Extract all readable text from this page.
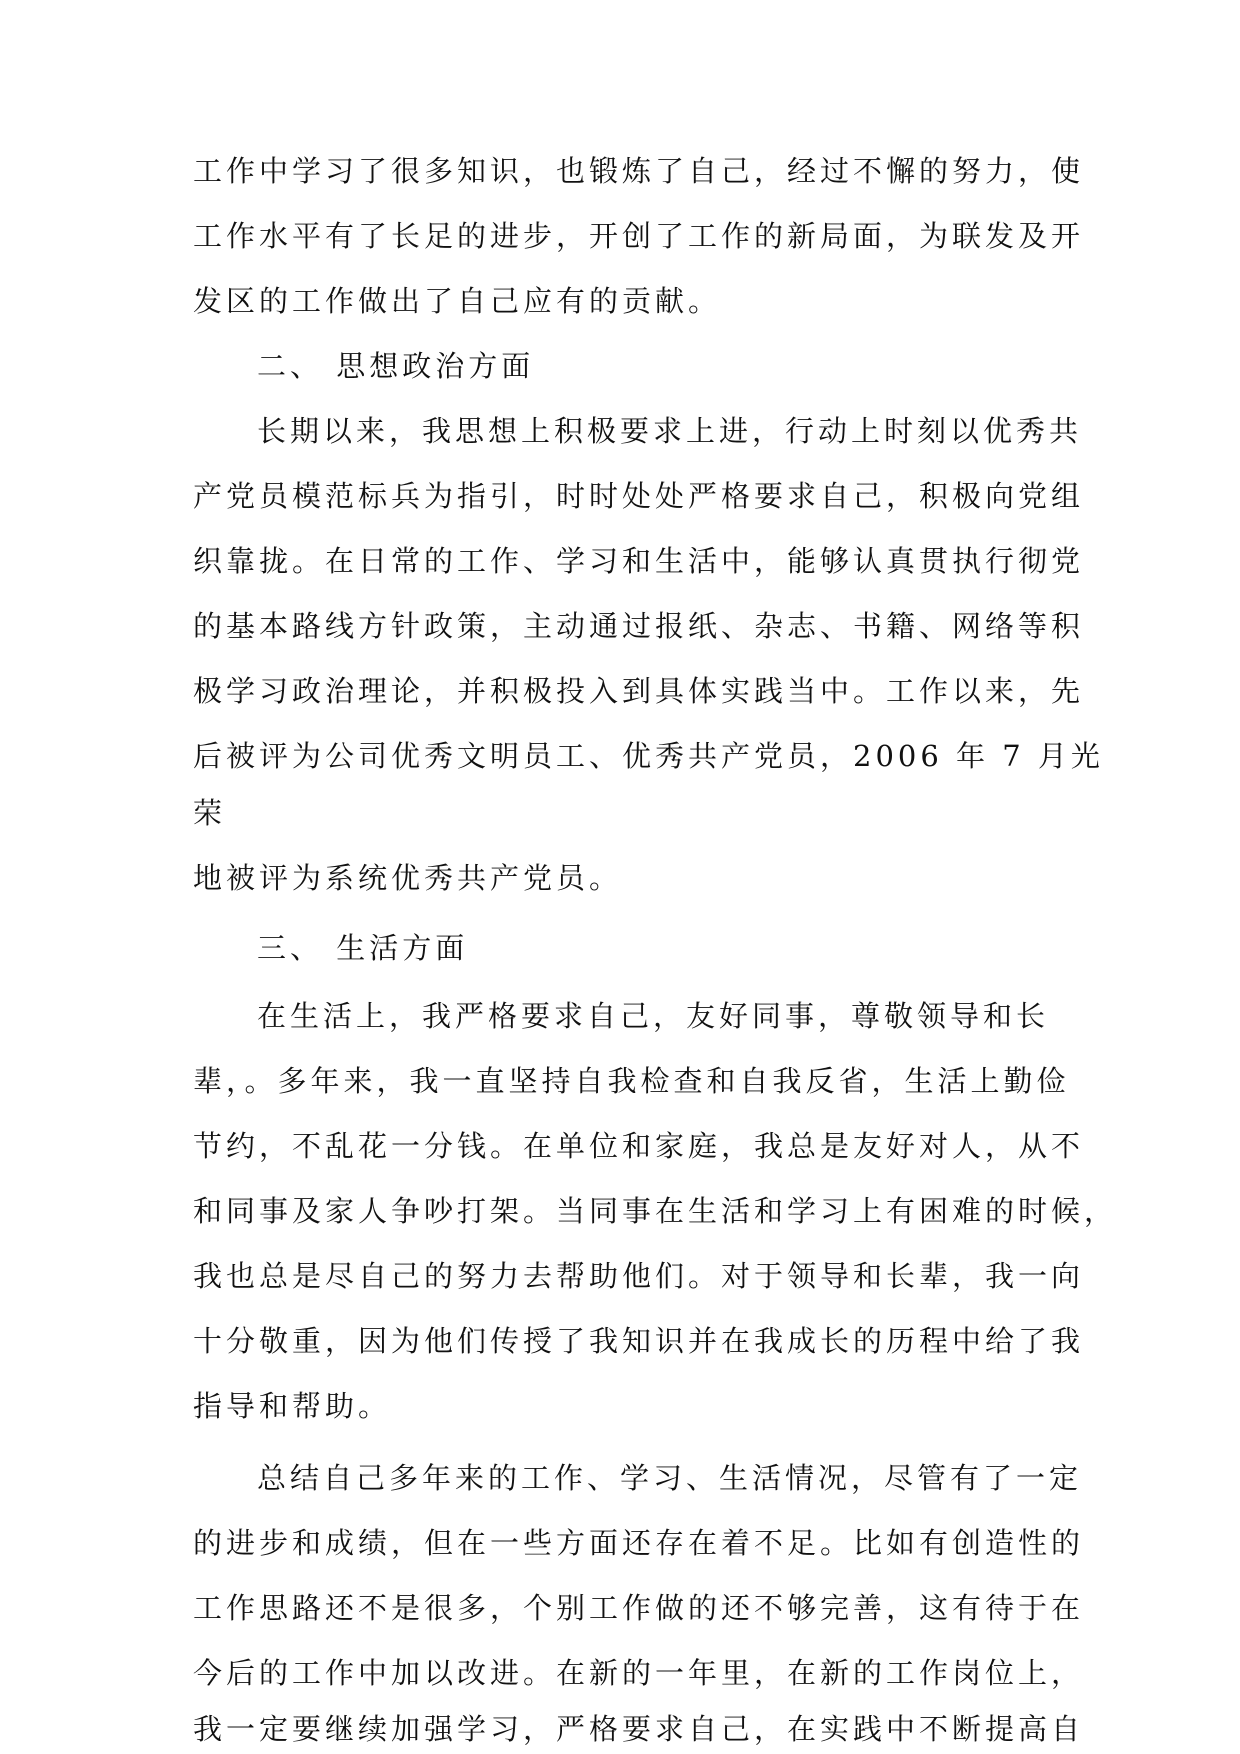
工作中学习了很多知识，也锻炼了自己，经过不懈的努力，使

工作水平有了长足的进步，开创了工作的新局面，为联发及开

发区的工作做出了自己应有的贡献。

二、 思想政治方面

长期以来，我思想上积极要求上进，行动上时刻以优秀共

产党员模范标兵为指引，时时处处严格要求自己，积极向党组

织靠拢。在日常的工作、学习和生活中，能够认真贯执行彻党

的基本路线方针政策，主动通过报纸、杂志、书籍、网络等积

极学习政治理论，并积极投入到具体实践当中。工作以来，先

后被评为公司优秀文明员工、优秀共产党员，2006 年 7 月光

荣

地被评为系统优秀共产党员。

三、 生活方面

在生活上，我严格要求自己，友好同事，尊敬领导和长

辈，。多年来，我一直坚持自我检查和自我反省，生活上勤俭

节约，不乱花一分钱。在单位和家庭，我总是友好对人，从不

和同事及家人争吵打架。当同事在生活和学习上有困难的时候，

我也总是尽自己的努力去帮助他们。对于领导和长辈，我一向

十分敬重，因为他们传授了我知识并在我成长的历程中给了我

指导和帮助。

总结自己多年来的工作、学习、生活情况，尽管有了一定

的进步和成绩，但在一些方面还存在着不足。比如有创造性的

工作思路还不是很多，个别工作做的还不够完善，这有待于在

今后的工作中加以改进。在新的一年里，在新的工作岗位上，

我一定要继续加强学习，严格要求自己，在实践中不断提高自
